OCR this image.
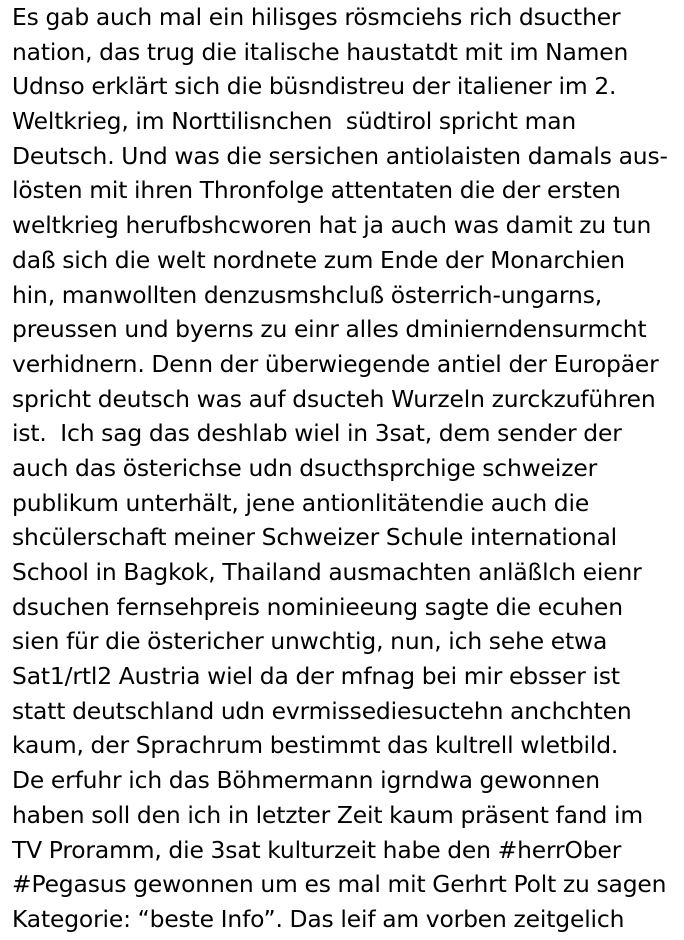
Es gab auch mal ein hilisges rösmciehs rich dsucther
nation, das trug die italische haustatdt mit im Namen
Udnso erklärt sich die büsndistreu der italiener im 2.
Weltkrieg, im Norttilisnchen  südtirol spricht man
Deutsch. Und was die sersichen antiolaisten damals aus-
lösten mit ihren Thronfolge attentaten die der ersten
weltkrieg herufbshcworen hat ja auch was damit zu tun
daß sich die welt nordnete zum Ende der Monarchien
hin, manwollten denzusmshcluß österrich-ungarns,
preussen und byerns zu einr alles dminierndensurmcht
verhidnern. Denn der überwiegende antiel der Europäer
spricht deutsch was auf dsucteh Wurzeln zurckzuführen
ist.  Ich sag das deshlab wiel in 3sat, dem sender der
auch das österichse udn dsucthsprchige schweizer
publikum unterhält, jene antionlitätendie auch die
shcülerschaft meiner Schweizer Schule international
School in Bagkok, Thailand ausmachten anläßlch eienr
dsuchen fernsehpreis nominieeung sagte die ecuhen
sien für die östericher unwchtig, nun, ich sehe etwa
Sat1/rtl2 Austria wiel da der mfnag bei mir ebsser ist
statt deutschland udn evrmissediesuctehn anchchten
kaum, der Sprachrum bestimmt das kultrell wletbild.
De erfuhr ich das Böhmermann igrndwa gewonnen
haben soll den ich in letzter Zeit kaum präsent fand im
TV Proramm, die 3sat kulturzeit habe den #herrOber
#Pegasus gewonnen um es mal mit Gerhrt Polt zu sagen
Kategorie: “beste Info”. Das leif am vorben zeitgelich
